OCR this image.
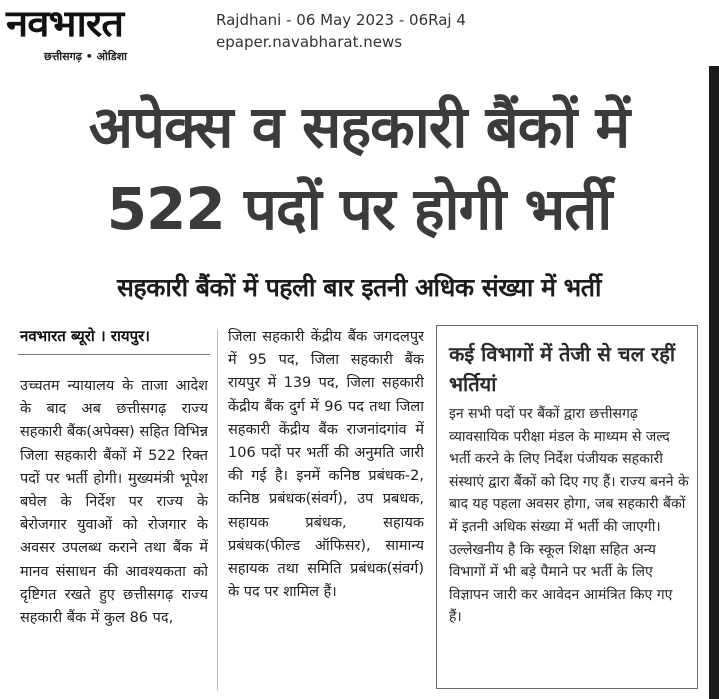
नवभारत
छत्तीसगढ़ • ओडिशा
Rajdhani - 06 May 2023 - 06Raj 4
epaper.navabharat.news
अपेक्स व सहकारी बैंकों में
522 पदों पर होगी भर्ती
सहकारी बैंकों में पहली बार इतनी अधिक संख्या में भर्ती
नवभारत ब्यूरो । रायपुर।
उच्चतम न्यायालय के ताजा आदेश के बाद अब छत्तीसगढ़ राज्य सहकारी बैंक(अपेक्स) सहित विभिन्न जिला सहकारी बैंकों में 522 रिक्त पदों पर भर्ती होगी। मुख्यमंत्री भूपेश बघेल के निर्देश पर राज्य के बेरोजगार युवाओं को रोजगार के अवसर उपलब्ध कराने तथा बैंक में मानव संसाधन की आवश्यकता को दृष्टिगत रखते हुए छत्तीसगढ़ राज्य सहकारी बैंक में कुल 86 पद,
जिला सहकारी केंद्रीय बैंक जगदलपुर में 95 पद, जिला सहकारी बैंक रायपुर में 139 पद, जिला सहकारी केंद्रीय बैंक दुर्ग में 96 पद तथा जिला सहकारी केंद्रीय बैंक राजनांदगांव में 106 पदों पर भर्ती की अनुमति जारी की गई है। इनमें कनिष्ठ प्रबंधक-2, कनिष्ठ प्रबंधक(संवर्ग), उप प्रबधक, सहायक प्रबंधक, सहायक प्रबंधक(फील्ड ऑफिसर), सामान्य सहायक तथा समिति प्रबंधक(संवर्ग) के पद पर शामिल हैं।
कई विभागों में तेजी से चल रहीं भर्तियां
इन सभी पदों पर बैंकों द्वारा छत्तीसगढ़ व्यावसायिक परीक्षा मंडल के माध्यम से जल्द भर्ती करने के लिए निर्देश पंजीयक सहकारी संस्थाएं द्वारा बैंकों को दिए गए हैं। राज्य बनने के बाद यह पहला अवसर होगा, जब सहकारी बैंकों में इतनी अधिक संख्या में भर्ती की जाएगी। उल्लेखनीय है कि स्कूल शिक्षा सहित अन्य विभागों में भी बड़े पैमाने पर भर्ती के लिए विज्ञापन जारी कर आवेदन आमंत्रित किए गए हैं।
